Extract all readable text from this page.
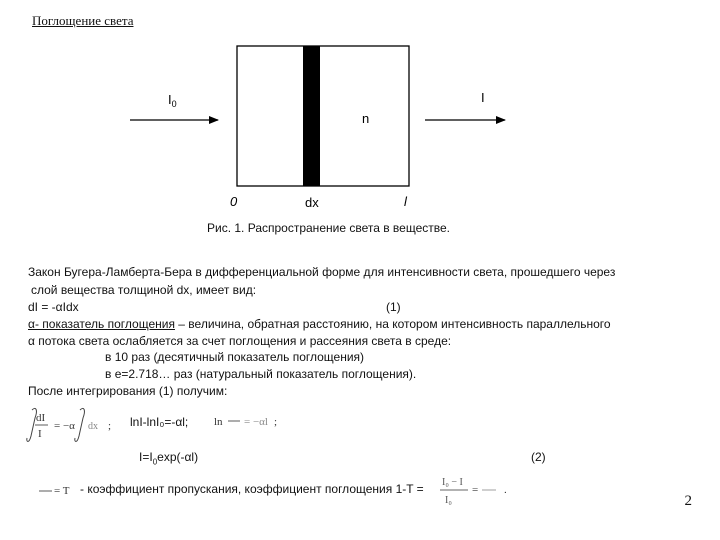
Поглощение света
$I_0$	I
n
0	dx	l
Рис. 1. Распространение света в веществе.
Закон Бугера-Ламберта-Бера в дифференциальной форме для интенсивности света, прошедшего через
слой вещества толщиной dx, имеет вид:
dI = -αIdx	(1)
α- показатель поглощения – величина, обратная расстоянию, на котором интенсивность параллельного
α потока света ослабляется за счет поглощения и рассеяния света в среде:
в 10 раз (десятичный показатель поглощения)
в е=2.718… раз (натуральный показатель поглощения).
После интегрирования (1) получим:
dI
I
= −α dx ; lnI-lnI₀=-αl; ln = −αl ;
$I=I_0\exp(-\alpha l)$	(2)
= T - коэффициент пропускания, коэффициент поглощения 1-T = I₀ − I
I₀
= .
2
